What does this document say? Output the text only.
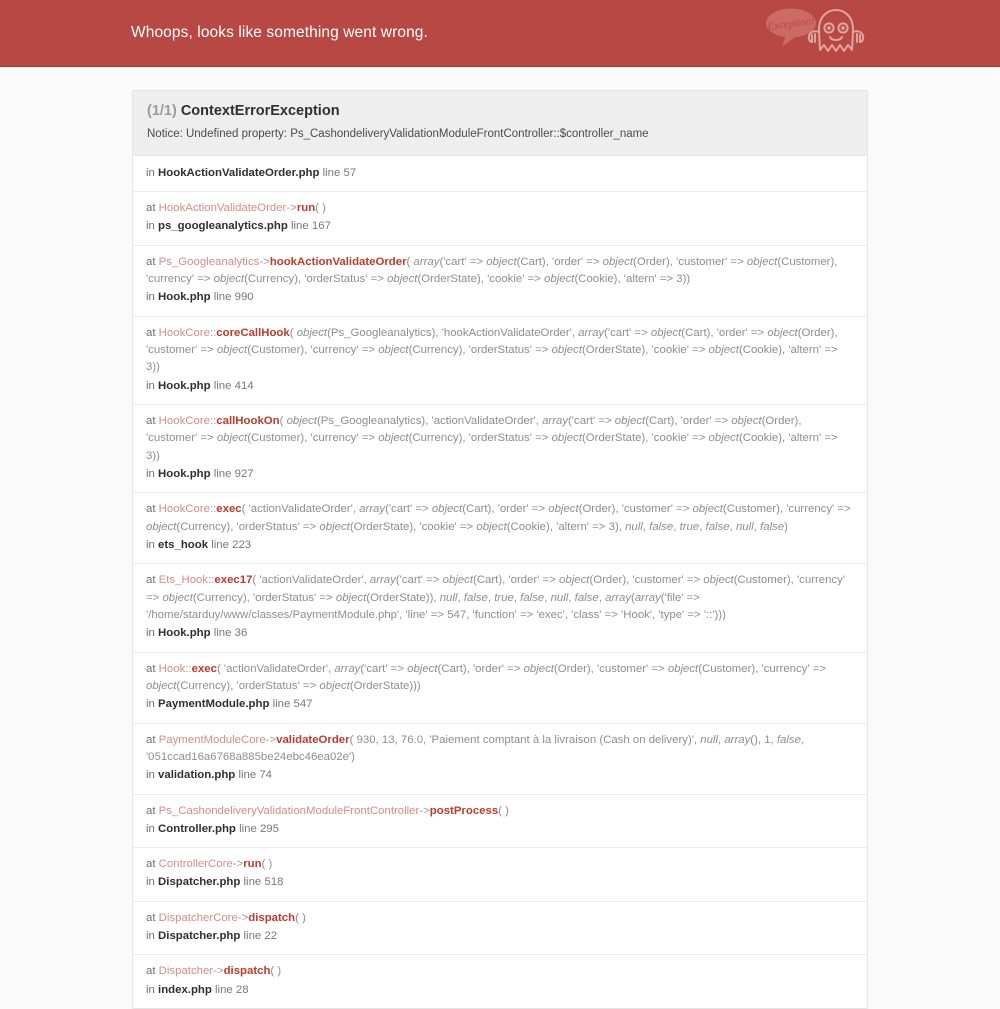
Whoops, looks like something went wrong.	Exception!
(1/1) ContextErrorException
Notice: Undefined property: Ps_CashondeliveryValidationModuleFrontController::$controller_name
in HookActionValidateOrder.php line 57
at HookActionValidateOrder->run( )
in ps_googleanalytics.php line 167
at Ps_Googleanalytics->hookActionValidateOrder( array('cart' => object(Cart), 'order' => object(Order), 'customer' => object(Customer), 'currency' => object(Currency), 'orderStatus' => object(OrderState), 'cookie' => object(Cookie), 'altern' => 3))
in Hook.php line 990
at HookCore::coreCallHook( object(Ps_Googleanalytics), 'hookActionValidateOrder', array('cart' => object(Cart), 'order' => object(Order), 'customer' => object(Customer), 'currency' => object(Currency), 'orderStatus' => object(OrderState), 'cookie' => object(Cookie), 'altern' => 3))
in Hook.php line 414
at HookCore::callHookOn( object(Ps_Googleanalytics), 'actionValidateOrder', array('cart' => object(Cart), 'order' => object(Order), 'customer' => object(Customer), 'currency' => object(Currency), 'orderStatus' => object(OrderState), 'cookie' => object(Cookie), 'altern' => 3))
in Hook.php line 927
at HookCore::exec( 'actionValidateOrder', array('cart' => object(Cart), 'order' => object(Order), 'customer' => object(Customer), 'currency' => object(Currency), 'orderStatus' => object(OrderState), 'cookie' => object(Cookie), 'altern' => 3), null, false, true, false, null, false)
in ets_hook line 223
at Ets_Hook::exec17( 'actionValidateOrder', array('cart' => object(Cart), 'order' => object(Order), 'customer' => object(Customer), 'currency' => object(Currency), 'orderStatus' => object(OrderState)), null, false, true, false, null, false, array(array('file' => '/home/starduy/www/classes/PaymentModule.php', 'line' => 547, 'function' => 'exec', 'class' => 'Hook', 'type' => '::')))
in Hook.php line 36
at Hook::exec( 'actionValidateOrder', array('cart' => object(Cart), 'order' => object(Order), 'customer' => object(Customer), 'currency' => object(Currency), 'orderStatus' => object(OrderState)))
in PaymentModule.php line 547
at PaymentModuleCore->validateOrder( 930, 13, 76.0, 'Paiement comptant à la livraison (Cash on delivery)', null, array(), 1, false, '051ccad16a6768a885be24ebc46ea02e')
in validation.php line 74
at Ps_CashondeliveryValidationModuleFrontController->postProcess( )
in Controller.php line 295
at ControllerCore->run( )
in Dispatcher.php line 518
at DispatcherCore->dispatch( )
in Dispatcher.php line 22
at Dispatcher->dispatch( )
in index.php line 28
